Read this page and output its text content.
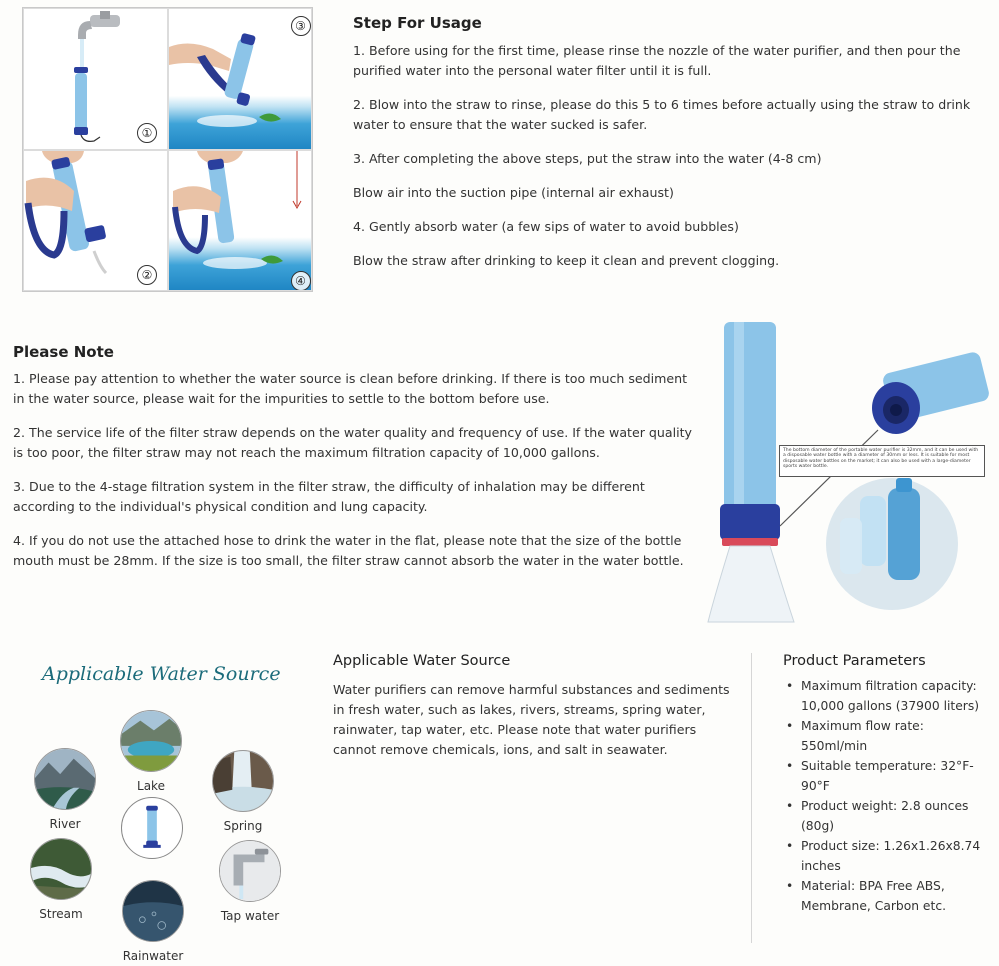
①
③
②	④
Step For Usage

1. Before using for the first time, please rinse the nozzle of the water purifier, and then pour the purified water into the personal water filter until it is full.

2. Blow into the straw to rinse, please do this 5 to 6 times before actually using the straw to drink water to ensure that the water sucked is safer.

3. After completing the above steps, put the straw into the water (4-8 cm)

Blow air into the suction pipe (internal air exhaust)

4. Gently absorb water (a few sips of water to avoid bubbles)

Blow the straw after drinking to keep it clean and prevent clogging.

Please Note

1. Please pay attention to whether the water source is clean before drinking. If there is too much sediment in the water source, please wait for the impurities to settle to the bottom before use.

2. The service life of the filter straw depends on the water quality and frequency of use. If the water quality is too poor, the filter straw may not reach the maximum filtration capacity of 10,000 gallons.

3. Due to the 4-stage filtration system in the filter straw, the difficulty of inhalation may be different according to the individual's physical condition and lung capacity.

4. If you do not use the attached hose to drink the water in the flat, please note that the size of the bottle mouth must be 28mm. If the size is too small, the filter straw cannot absorb the water in the water bottle.

The bottom diameter of the portable water purifier is 32mm, and it can be used with a disposable water bottle with a diameter of 30mm or less. It is suitable for most disposable water bottles on the market; it can also be used with a large-diameter sports water bottle.
Applicable Water Source
River
Lake
Spring
Stream	Tap water
Rainwater
Applicable Water Source
Water purifiers can remove harmful substances and sediments in fresh water, such as lakes, rivers, streams, spring water, rainwater, tap water, etc. Please note that water purifiers cannot remove chemicals, ions, and salt in seawater.
Product Parameters
• Maximum filtration capacity: 10,000 gallons (37900 liters)
• Maximum flow rate: 550ml/min
• Suitable temperature: 32°F-90°F
• Product weight: 2.8 ounces (80g)
• Product size: 1.26x1.26x8.74 inches
• Material: BPA Free ABS, Membrane, Carbon etc.
